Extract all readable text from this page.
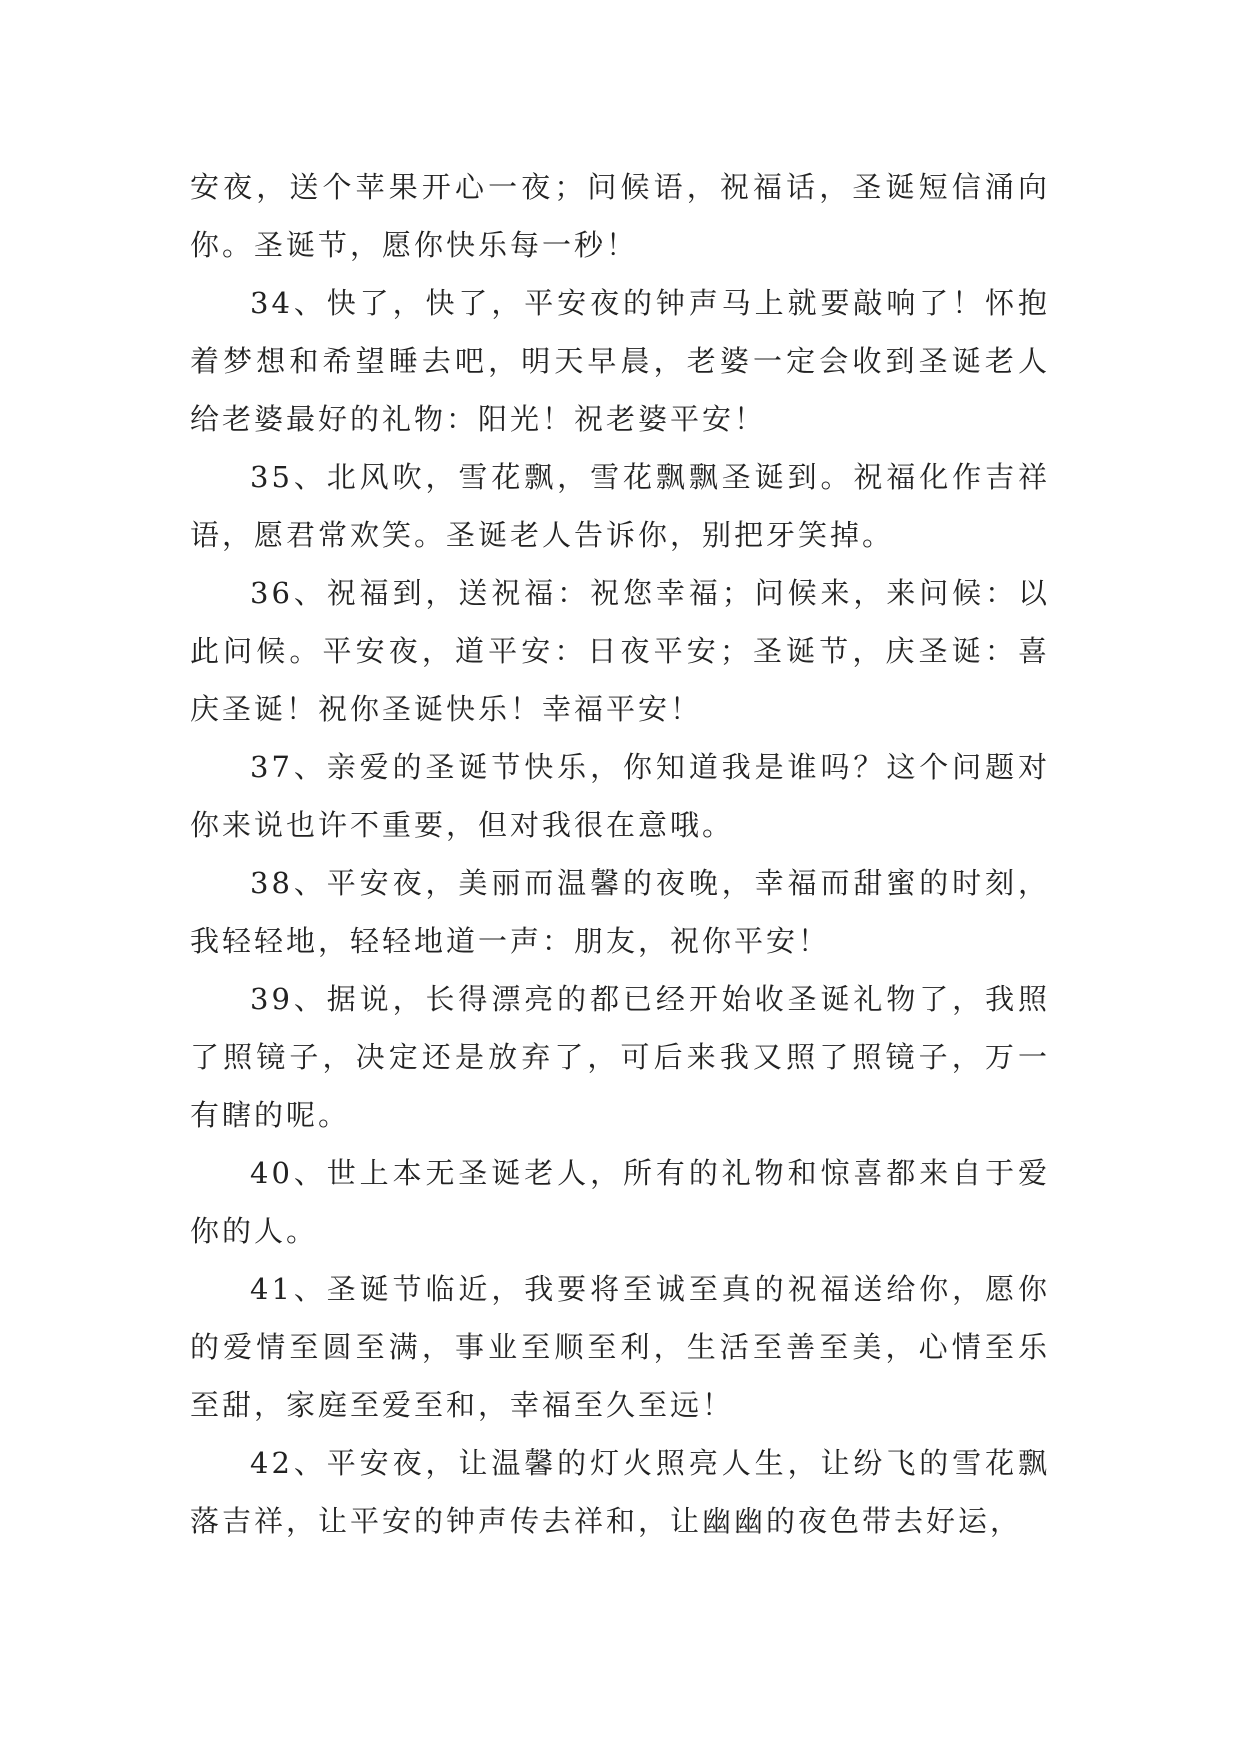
安夜，送个苹果开心一夜；问候语，祝福话，圣诞短信涌向你。圣诞节，愿你快乐每一秒！

34、快了，快了，平安夜的钟声马上就要敲响了！怀抱着梦想和希望睡去吧，明天早晨，老婆一定会收到圣诞老人给老婆最好的礼物：阳光！祝老婆平安！

35、北风吹，雪花飘，雪花飘飘圣诞到。祝福化作吉祥语，愿君常欢笑。圣诞老人告诉你，别把牙笑掉。

36、祝福到，送祝福：祝您幸福；问候来，来问候：以此问候。平安夜，道平安：日夜平安；圣诞节，庆圣诞：喜庆圣诞！祝你圣诞快乐！幸福平安！

37、亲爱的圣诞节快乐，你知道我是谁吗？这个问题对你来说也许不重要，但对我很在意哦。

38、平安夜，美丽而温馨的夜晚，幸福而甜蜜的时刻，我轻轻地，轻轻地道一声：朋友，祝你平安！

39、据说，长得漂亮的都已经开始收圣诞礼物了，我照了照镜子，决定还是放弃了，可后来我又照了照镜子，万一有瞎的呢。

40、世上本无圣诞老人，所有的礼物和惊喜都来自于爱你的人。

41、圣诞节临近，我要将至诚至真的祝福送给你，愿你的爱情至圆至满，事业至顺至利，生活至善至美，心情至乐至甜，家庭至爱至和，幸福至久至远！

42、平安夜，让温馨的灯火照亮人生，让纷飞的雪花飘落吉祥，让平安的钟声传去祥和，让幽幽的夜色带去好运，
